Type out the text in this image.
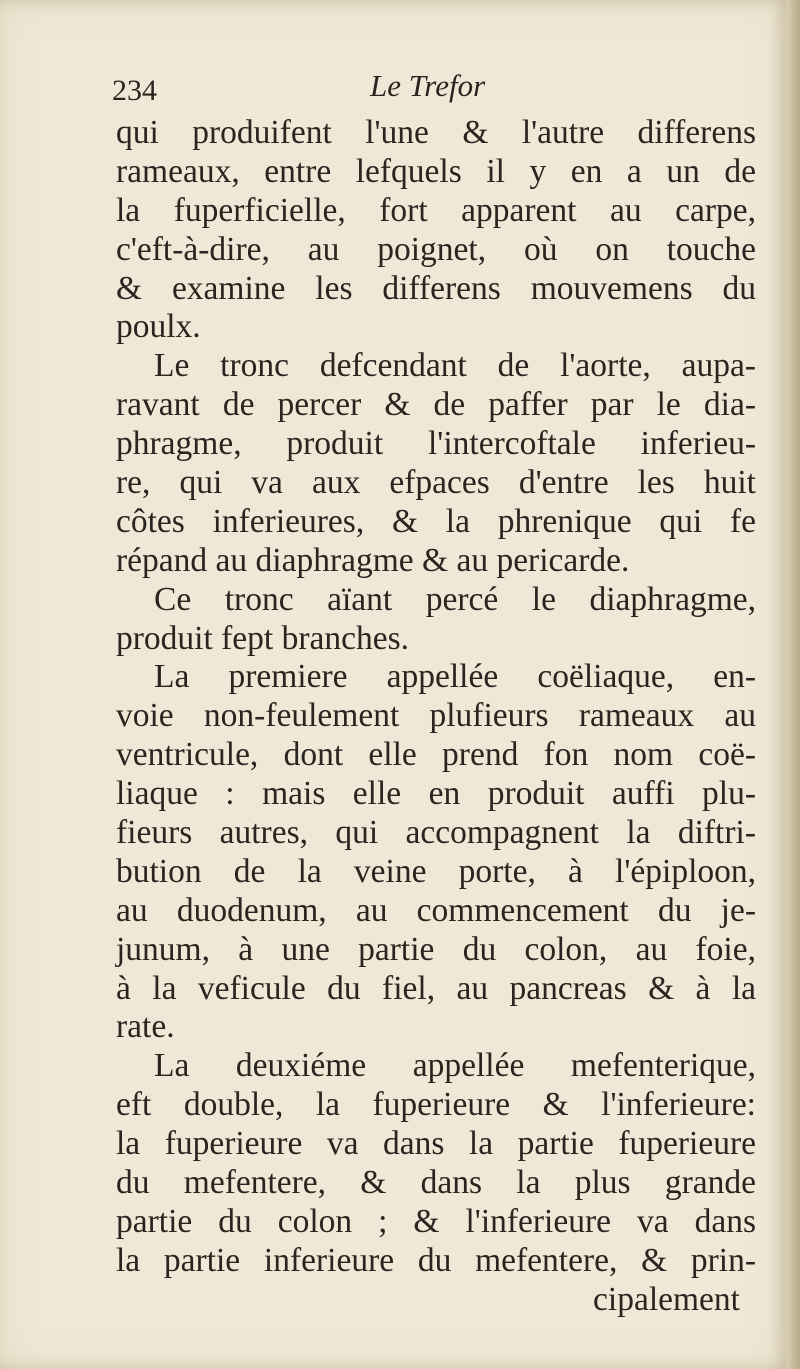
234	Le Trefor
qui produifent l'une & l'autre differens
rameaux, entre lefquels il y en a un de
la fuperficielle, fort apparent au carpe,
c'eft-à-dire, au poignet, où on touche
& examine les differens mouvemens du
poulx.
Le tronc defcendant de l'aorte, aupa-
ravant de percer & de paffer par le dia-
phragme, produit l'intercoftale inferieu-
re, qui va aux efpaces d'entre les huit
côtes inferieures, & la phrenique qui fe
répand au diaphragme & au pericarde.
Ce tronc aïant percé le diaphragme,
produit fept branches.
La premiere appellée coëliaque, en-
voie non-feulement plufieurs rameaux au
ventricule, dont elle prend fon nom coë-
liaque : mais elle en produit auffi plu-
fieurs autres, qui accompagnent la diftri-
bution de la veine porte, à l'épiploon,
au duodenum, au commencement du je-
junum, à une partie du colon, au foie,
à la veficule du fiel, au pancreas & à la
rate.
La deuxiéme appellée mefenterique,
eft double, la fuperieure & l'inferieure:
la fuperieure va dans la partie fuperieure
du mefentere, & dans la plus grande
partie du colon ; & l'inferieure va dans
la partie inferieure du mefentere, & prin-
cipalement
